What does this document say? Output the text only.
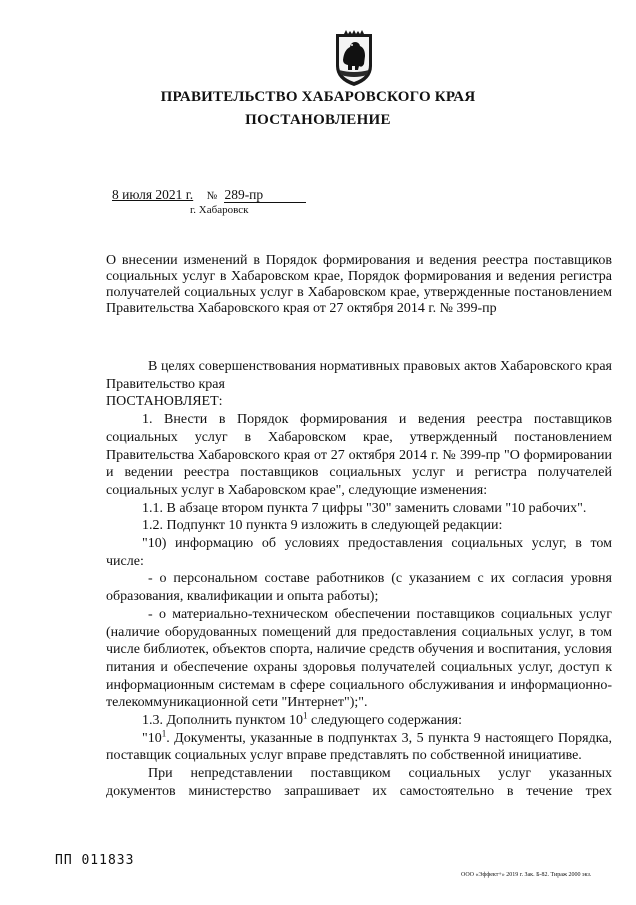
ПРАВИТЕЛЬСТВО ХАБАРОВСКОГО КРАЯ
ПОСТАНОВЛЕНИЕ
8 июля 2021 г. № 289-пр
г. Хабаровск
О внесении изменений в Порядок формирования и ведения реестра поставщиков социальных услуг в Хабаровском крае, Порядок формирования и ведения регистра получателей социальных услуг в Хабаровском крае, утвержденные постановлением Правительства Хабаровского края от 27 октября 2014 г. № 399-пр

В целях совершенствования нормативных правовых актов Хабаровского края Правительство края

ПОСТАНОВЛЯЕТ:

1. Внести в Порядок формирования и ведения реестра поставщиков социальных услуг в Хабаровском крае, утвержденный постановлением Правительства Хабаровского края от 27 октября 2014 г. № 399-пр "О формировании и ведении реестра поставщиков социальных услуг и регистра получателей социальных услуг в Хабаровском крае", следующие изменения:

1.1. В абзаце втором пункта 7 цифры "30" заменить словами "10 рабочих".

1.2. Подпункт 10 пункта 9 изложить в следующей редакции:

"10) информацию об условиях предоставления социальных услуг, в том числе:

- о персональном составе работников (с указанием с их согласия уровня образования, квалификации и опыта работы);

- о материально-техническом обеспечении поставщиков социальных услуг (наличие оборудованных помещений для предоставления социальных услуг, в том числе библиотек, объектов спорта, наличие средств обучения и воспитания, условия питания и обеспечение охраны здоровья получателей социальных услуг, доступ к информационным системам в сфере социального обслуживания и информационно-телекоммуникационной сети "Интернет");".

1.3. Дополнить пунктом $10^1$ следующего содержания:

"$10^1$. Документы, указанные в подпунктах 3, 5 пункта 9 настоящего Порядка, поставщик социальных услуг вправе представлять по собственной инициативе.

При непредставлении поставщиком социальных услуг указанных документов министерство запрашивает их самостоятельно в течение трех

ПП 011833
ООО «Эффект+» 2019 г. Зак. Б-82. Тираж 2000 экз.
